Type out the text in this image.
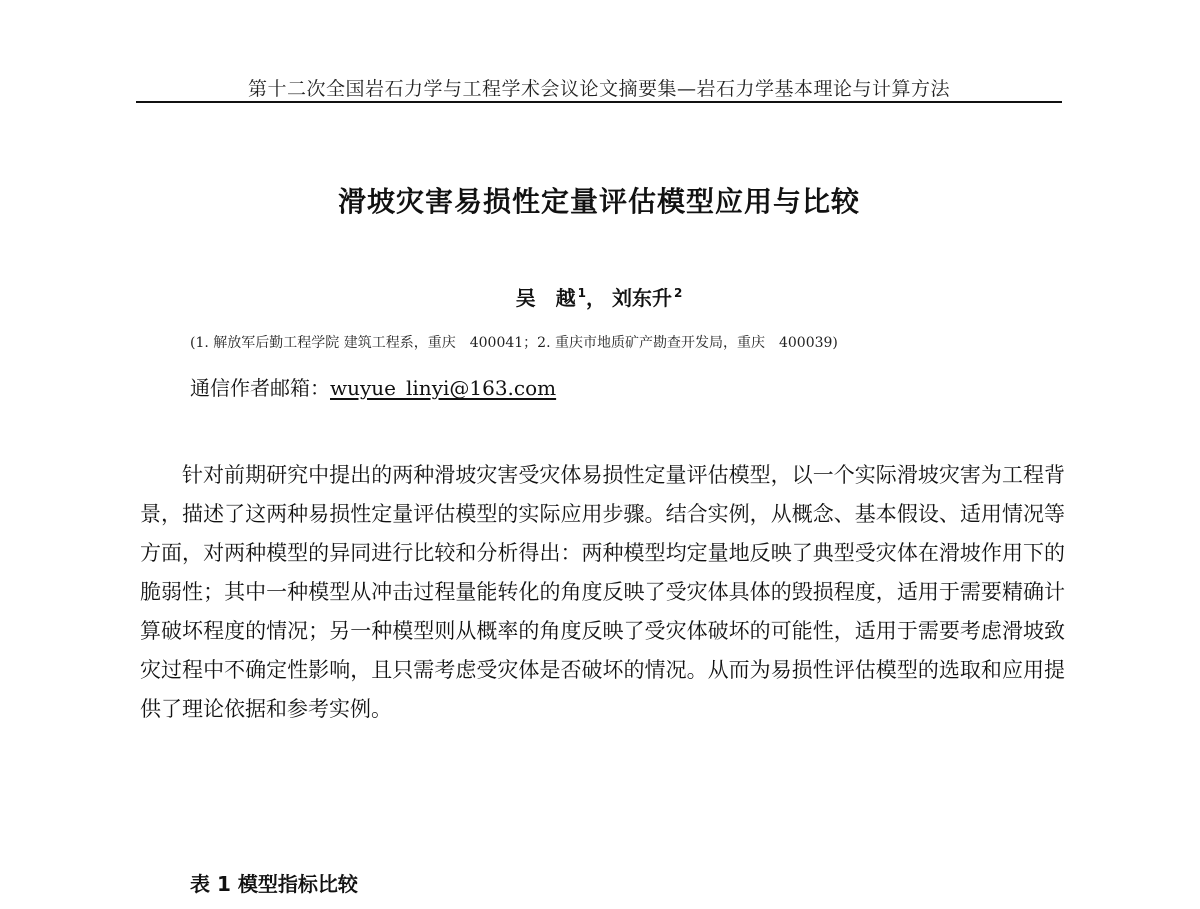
第十二次全国岩石力学与工程学术会议论文摘要集—岩石力学基本理论与计算方法
滑坡灾害易损性定量评估模型应用与比较
吴　越 $^1$， 刘东升 $^2$
(1. 解放军后勤工程学院 建筑工程系，重庆　400041；2. 重庆市地质矿产勘查开发局，重庆　400039)
通信作者邮箱：wuyue_linyi@163.com

针对前期研究中提出的两种滑坡灾害受灾体易损性定量评估模型，以一个实际滑坡灾害为工程背景，描述了这两种易损性定量评估模型的实际应用步骤。结合实例，从概念、基本假设、适用情况等方面，对两种模型的异同进行比较和分析得出：两种模型均定量地反映了典型受灾体在滑坡作用下的脆弱性；其中一种模型从冲击过程量能转化的角度反映了受灾体具体的毁损程度，适用于需要精确计算破坏程度的情况；另一种模型则从概率的角度反映了受灾体破坏的可能性，适用于需要考虑滑坡致灾过程中不确定性影响，且只需考虑受灾体是否破坏的情况。从而为易损性评估模型的选取和应用提供了理论依据和参考实例。

表 1 模型指标比较
